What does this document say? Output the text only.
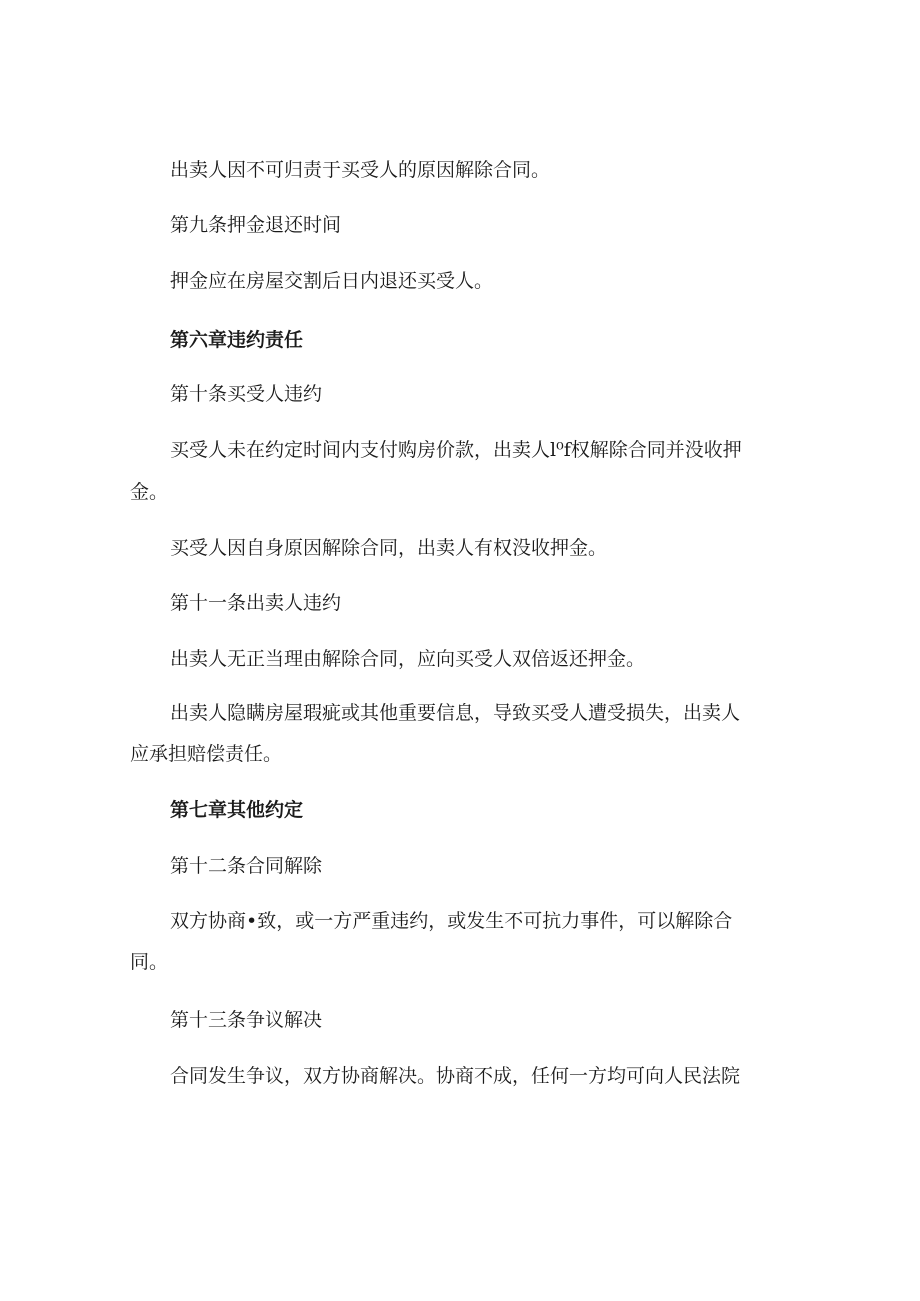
出卖人因不可归责于买受人的原因解除合同。

第九条押金退还时间

押金应在房屋交割后日内退还买受人。

第六章违约责任

第十条买受人违约

买受人未在约定时间内支付购房价款，出卖人l⁰f权解除合同并没收押

金。

买受人因自身原因解除合同，出卖人有权没收押金。

第十一条出卖人违约

出卖人无正当理由解除合同，应向买受人双倍返还押金。

出卖人隐瞒房屋瑕疵或其他重要信息，导致买受人遭受损失，出卖人

应承担赔偿责任。

第七章其他约定

第十二条合同解除

双方协商•致，或一方严重违约，或发生不可抗力事件，可以解除合

同。

第十三条争议解决

合同发生争议，双方协商解决。协商不成，任何一方均可向人民法院
